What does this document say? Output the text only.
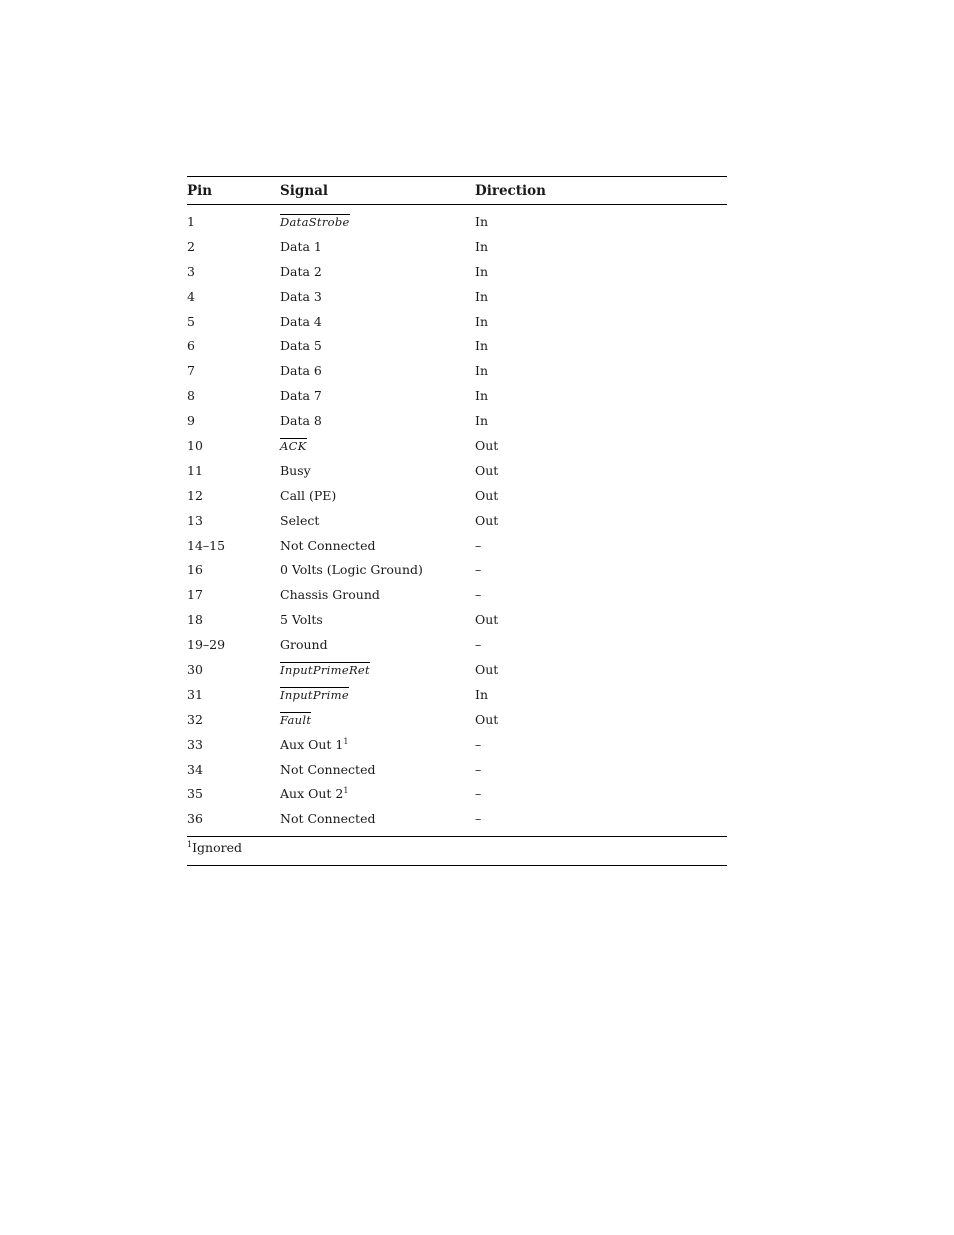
Pin	Signal	Direction
1	DataStrobe	In
2	Data 1	In
3	Data 2	In
4	Data 3	In
5	Data 4	In
6	Data 5	In
7	Data 6	In
8	Data 7	In
9	Data 8	In
10	ACK	Out
11	Busy	Out
12	Call (PE)	Out
13	Select	Out
14–15	Not Connected	–
16	0 Volts (Logic Ground)	–
17	Chassis Ground	–
18	5 Volts	Out
19–29	Ground	–
30	InputPrimeRet	Out
31	InputPrime	In
32	Fault	Out
33	Aux Out $1^1$	–
34	Not Connected	–
35	Aux Out $2^1$	–
36	Not Connected	–
$^1$Ignored
